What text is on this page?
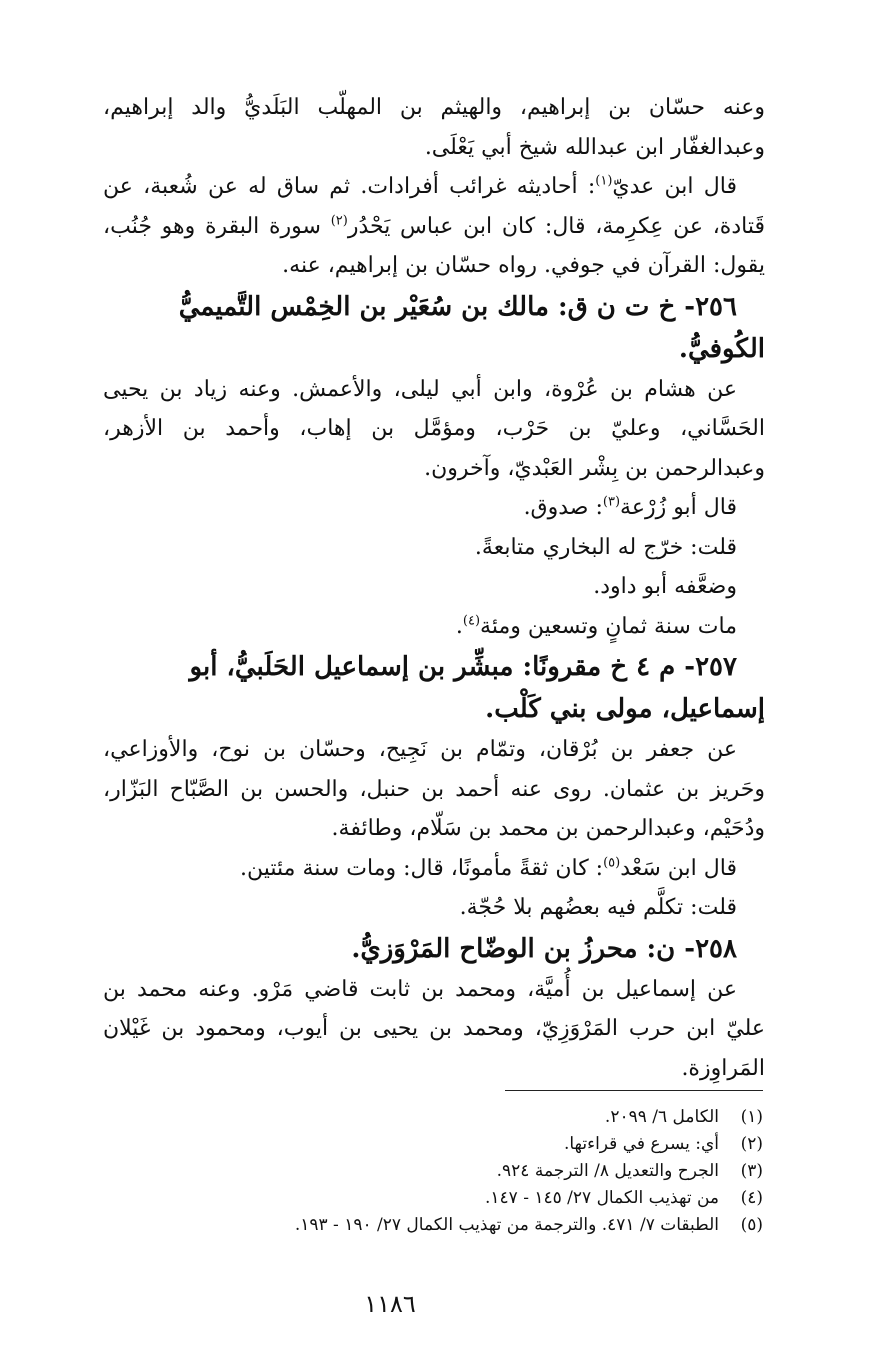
وعنه حسّان بن إبراهيم، والهيثم بن المهلّب البَلَديُّ والد إبراهيم، وعبدالغفّار ابن عبدالله شيخ أبي يَعْلَى.

قال ابن عديّ$^{(١)}$: أحاديثه غرائب أفرادات. ثم ساق له عن شُعبة، عن قَتادة، عن عِكرِمة، قال: كان ابن عباس يَحْدُر$^{(٢)}$ سورة البقرة وهو جُنُب، يقول: القرآن في جوفي. رواه حسّان بن إبراهيم، عنه.

٢٥٦- خ ت ن ق: مالك بن سُعَيْر بن الخِمْس التَّميميُّ الكُوفيُّ.

عن هشام بن عُرْوة، وابن أبي ليلى، والأعمش. وعنه زياد بن يحيى الحَسَّاني، وعليّ بن حَرْب، ومؤمَّل بن إهاب، وأحمد بن الأزهر، وعبدالرحمن بن بِشْر العَبْديّ، وآخرون.

قال أبو زُرْعة$^{(٣)}$: صدوق.

قلت: خرّج له البخاري متابعةً.

وضعَّفه أبو داود.

مات سنة ثمانٍ وتسعين ومئة$^{(٤)}$.

٢٥٧- م ٤ خ مقرونًا: مبشِّر بن إسماعيل الحَلَبيُّ، أبو إسماعيل، مولى بني كَلْب.

عن جعفر بن بُرْقان، وتمّام بن نَجِيح، وحسّان بن نوح، والأوزاعي، وحَريز بن عثمان. روى عنه أحمد بن حنبل، والحسن بن الصَّبّاح البَزّار، ودُحَيْم، وعبدالرحمن بن محمد بن سَلّام، وطائفة.

قال ابن سَعْد$^{(٥)}$: كان ثقةً مأمونًا، قال: ومات سنة مئتين.

قلت: تكلَّم فيه بعضُهم بلا حُجّة.

٢٥٨- ن: محرزُ بن الوضّاح المَرْوَزيُّ.

عن إسماعيل بن أُميَّة، ومحمد بن ثابت قاضي مَرْو. وعنه محمد بن عليّ ابن حرب المَرْوَزِيّ، ومحمد بن يحيى بن أيوب، ومحمود بن غَيْلان المَراوِزة.

(١)الكامل ٦/ ٢٠٩٩.

(٢)أي: يسرع في قراءتها.

(٣)الجرح والتعديل ٨/ الترجمة ٩٢٤.

(٤)من تهذيب الكمال ٢٧/ ١٤٥ - ١٤٧.

(٥)الطبقات ٧/ ٤٧١. والترجمة من تهذيب الكمال ٢٧/ ١٩٠ - ١٩٣.

١١٨٦
